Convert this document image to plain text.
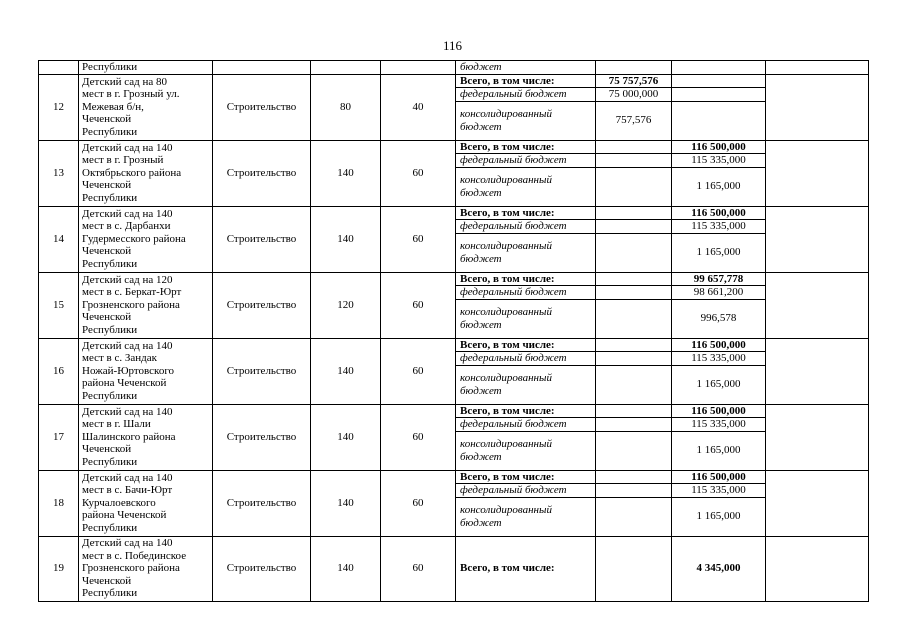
116
	Республики				бюджет			
12	Детский сад на 80
мест в г. Грозный ул.
Межевая б/н,
Чеченской
Республики	Строительство	80	40	Всего, в том числе:	75 757,576		
					федеральный бюджет	75 000,000		
					консолидированный бюджет	757,576		
13	Детский сад на 140
мест в г. Грозный
Октябрьского района
Чеченской
Республики	Строительство	140	60	Всего, в том числе:		116 500,000	
					федеральный бюджет		115 335,000	
					консолидированный бюджет		1 165,000	
14	Детский сад на 140
мест в с. Дарбанхи
Гудермесского района
Чеченской
Республики	Строительство	140	60	Всего, в том числе:		116 500,000	
					федеральный бюджет		115 335,000	
					консолидированный бюджет		1 165,000	
15	Детский сад на 120
мест в с. Беркат-Юрт
Грозненского района
Чеченской
Республики	Строительство	120	60	Всего, в том числе:		99 657,778	
					федеральный бюджет		98 661,200	
					консолидированный бюджет		996,578	
16	Детский сад на 140
мест в с. Зандак
Ножай-Юртовского
района Чеченской
Республики	Строительство	140	60	Всего, в том числе:		116 500,000	
					федеральный бюджет		115 335,000	
					консолидированный бюджет		1 165,000	
17	Детский сад на 140
мест в г. Шали
Шалинского района
Чеченской
Республики	Строительство	140	60	Всего, в том числе:		116 500,000	
					федеральный бюджет		115 335,000	
					консолидированный бюджет		1 165,000	
18	Детский сад на 140
мест в с. Бачи-Юрт
Курчалоевского
района Чеченской
Республики	Строительство	140	60	Всего, в том числе:		116 500,000	
					федеральный бюджет		115 335,000	
					консолидированный бюджет		1 165,000	
19	Детский сад на 140
мест в с. Побединское
Грозненского района
Чеченской
Республики	Строительство	140	60	Всего, в том числе:		4 345,000	
